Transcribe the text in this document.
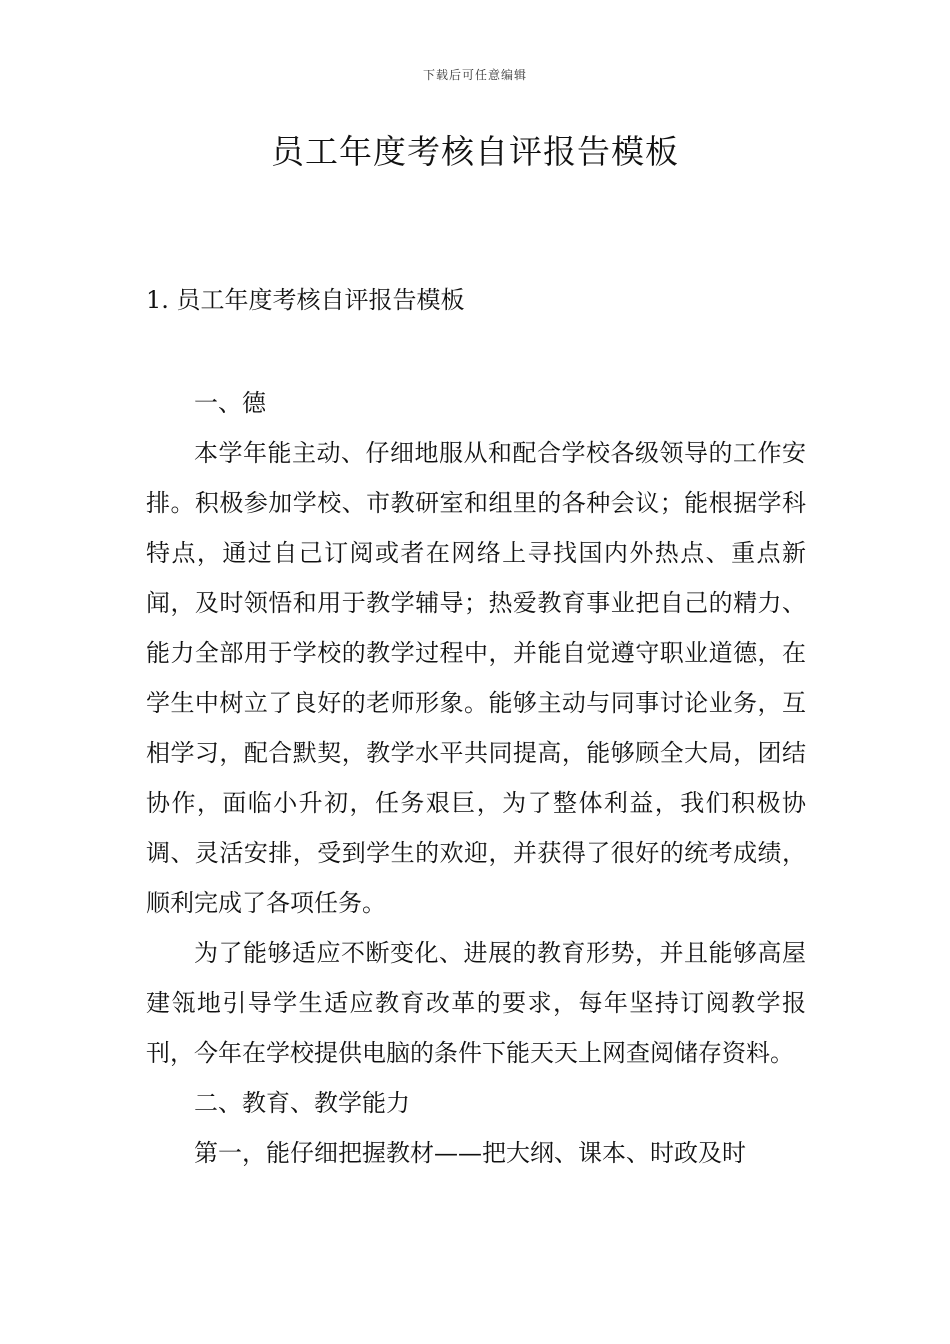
下载后可任意编辑
员工年度考核自评报告模板
1. 员工年度考核自评报告模板

一、德

本学年能主动、仔细地服从和配合学校各级领导的工作安排。积极参加学校、市教研室和组里的各种会议；能根据学科特点，通过自己订阅或者在网络上寻找国内外热点、重点新闻，及时领悟和用于教学辅导；热爱教育事业把自己的精力、能力全部用于学校的教学过程中，并能自觉遵守职业道德，在学生中树立了良好的老师形象。能够主动与同事讨论业务，互相学习，配合默契，教学水平共同提高，能够顾全大局，团结协作，面临小升初，任务艰巨，为了整体利益，我们积极协调、灵活安排，受到学生的欢迎，并获得了很好的统考成绩，顺利完成了各项任务。

为了能够适应不断变化、进展的教育形势，并且能够高屋建瓴地引导学生适应教育改革的要求，每年坚持订阅教学报刊，今年在学校提供电脑的条件下能天天上网查阅储存资料。

二、教育、教学能力

第一，能仔细把握教材——把大纲、课本、时政及时
